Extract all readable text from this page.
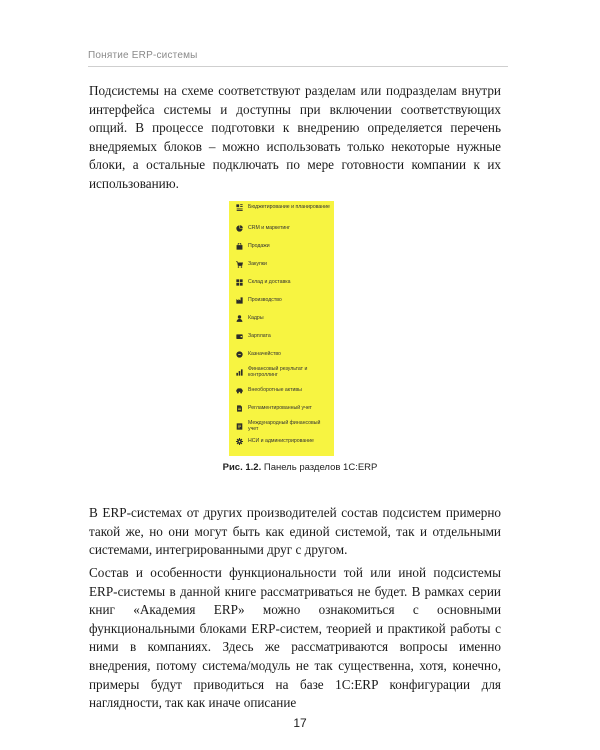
Понятие ERP-системы

Подсистемы на схеме соответствуют разделам или подразделам внутри интерфейса системы и доступны при включении соответствующих опций. В процессе подготовки к внедрению определяется перечень внедряемых блоков – можно использовать только некоторые нужные блоки, а остальные подключать по мере готовности компании к их использованию.

Бюджетирование и планирование
CRM и маркетинг
Продажи
Закупки
Склад и доставка
Производство
Кадры
Зарплата
Казначейство
Финансовый результат и контроллинг
Внеоборотные активы
Регламентированный учет
Международный финансовый учет
НСИ и администрирование
Рис. 1.2. Панель разделов 1С:ERP

В ERP-системах от других производителей состав подсистем примерно такой же, но они могут быть как единой системой, так и отдельными системами, интегрированными друг с другом.

Состав и особенности функциональности той или иной подсистемы ERP-системы в данной книге рассматриваться не будет. В рамках серии книг «Академия ERP» можно ознакомиться с основными функциональными блоками ERP-систем, теорией и практикой работы с ними в компаниях. Здесь же рассматриваются вопросы именно внедрения, потому система/модуль не так существенна, хотя, конечно, примеры будут приводиться на базе 1С:ERP конфигурации для наглядности, так как иначе описание

17
